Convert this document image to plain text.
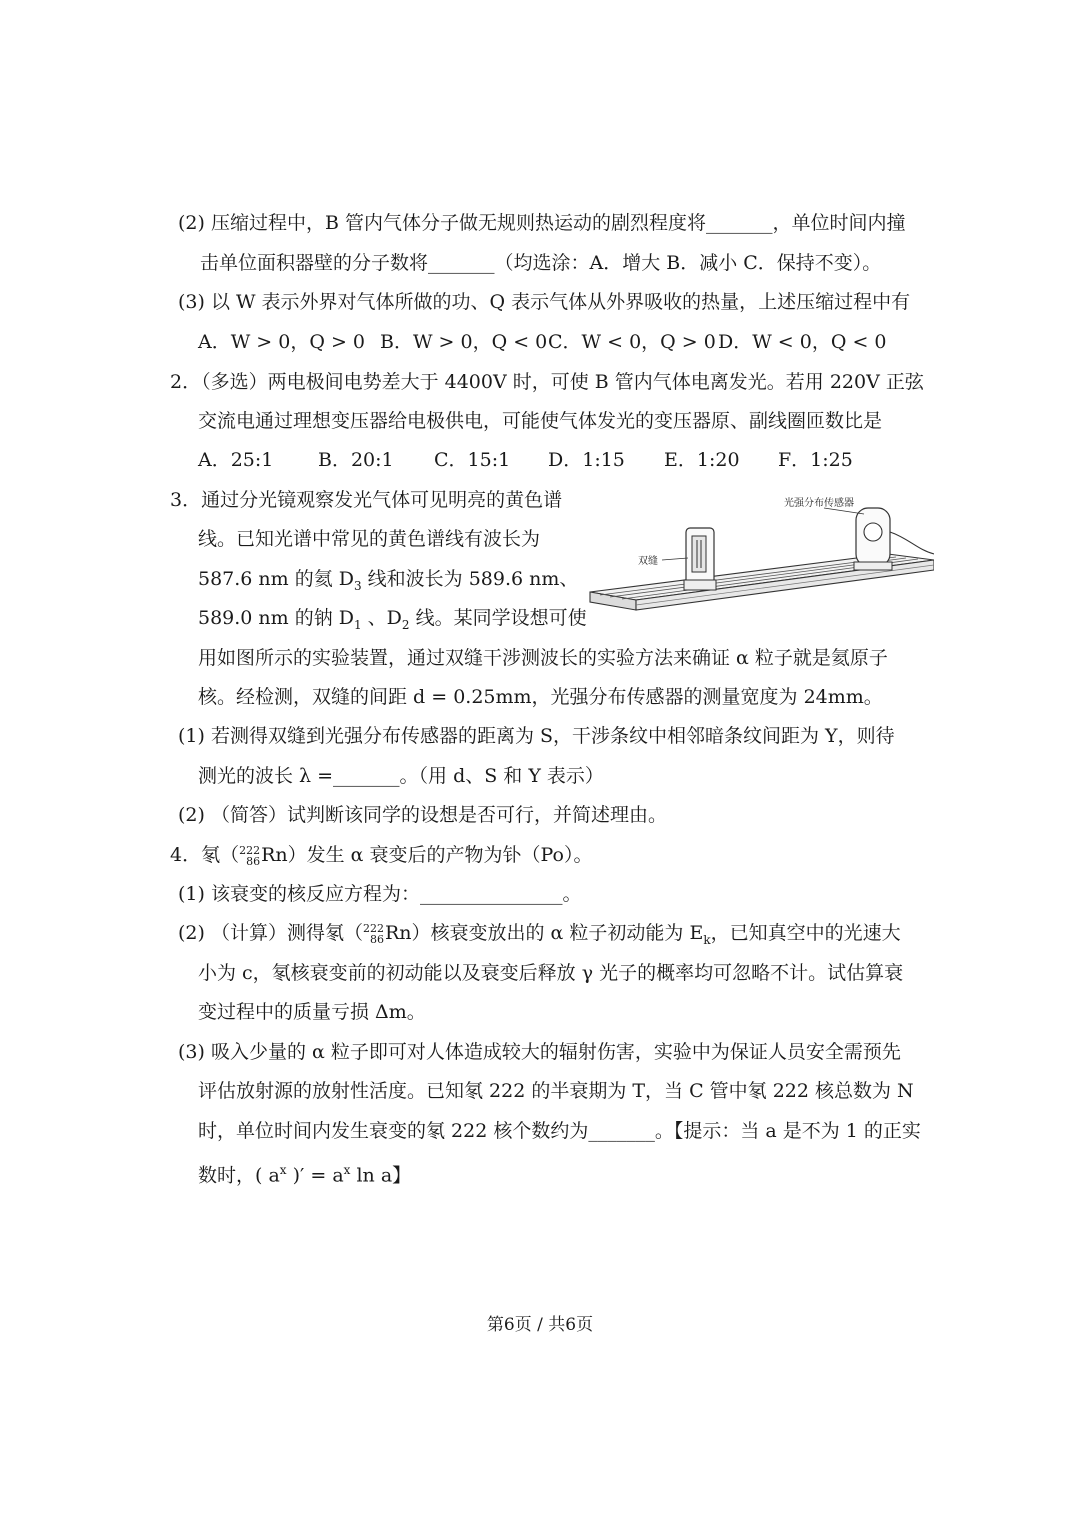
(2) 压缩过程中，B 管内气体分子做无规则热运动的剧烈程度将_______，单位时间内撞
击单位面积器壁的分子数将_______（均选涂：A．增大 B．减小 C．保持不变）。
(3) 以 W 表示外界对气体所做的功、Q 表示气体从外界吸收的热量，上述压缩过程中有
A．W > 0，Q > 0 B．W > 0，Q < 0 C．W < 0，Q > 0 D．W < 0，Q < 0
2．（多选）两电极间电势差大于 4400V 时，可使 B 管内气体电离发光。若用 220V 正弦
交流电通过理想变压器给电极供电，可能使气体发光的变压器原、副线圈匝数比是
A．25:1 B．20:1 C．15:1 D．1:15 E．1:20 F．1:25
3．通过分光镜观察发光气体可见明亮的黄色谱
线。已知光谱中常见的黄色谱线有波长为
587.6 nm 的氦 $D_3$ 线和波长为 589.6 nm、
589.0 nm 的钠 $D_1$ 、$D_2$ 线。某同学设想可使
用如图所示的实验装置，通过双缝干涉测波长的实验方法来确证 α 粒子就是氦原子
核。经检测，双缝的间距 d = 0.25mm，光强分布传感器的测量宽度为 24mm。
双缝
光强分布传感器
(1) 若测得双缝到光强分布传感器的距离为 S，干涉条纹中相邻暗条纹间距为 Y，则待
测光的波长 λ =_______。（用 d、S 和 Y 表示）
(2) （简答）试判断该同学的设想是否可行，并简述理由。
4．氡（ 222
86 Rn）发生 α 衰变后的产物为钋（Po）。
(1) 该衰变的核反应方程为：_______________。
(2) （计算）测得氡（ 222
86 Rn）核衰变放出的 α 粒子初动能为 $E_k$，已知真空中的光速大
小为 c，氡核衰变前的初动能以及衰变后释放 γ 光子的概率均可忽略不计。试估算衰
变过程中的质量亏损 Δm。
(3) 吸入少量的 α 粒子即可对人体造成较大的辐射伤害，实验中为保证人员安全需预先
评估放射源的放射性活度。已知氡 222 的半衰期为 T，当 C 管中氡 222 核总数为 N
时，单位时间内发生衰变的氡 222 核个数约为_______。【提示：当 a 是不为 1 的正实
数时，( $a^x$ )′ = $a^x$ ln a】
第6页 / 共6页
